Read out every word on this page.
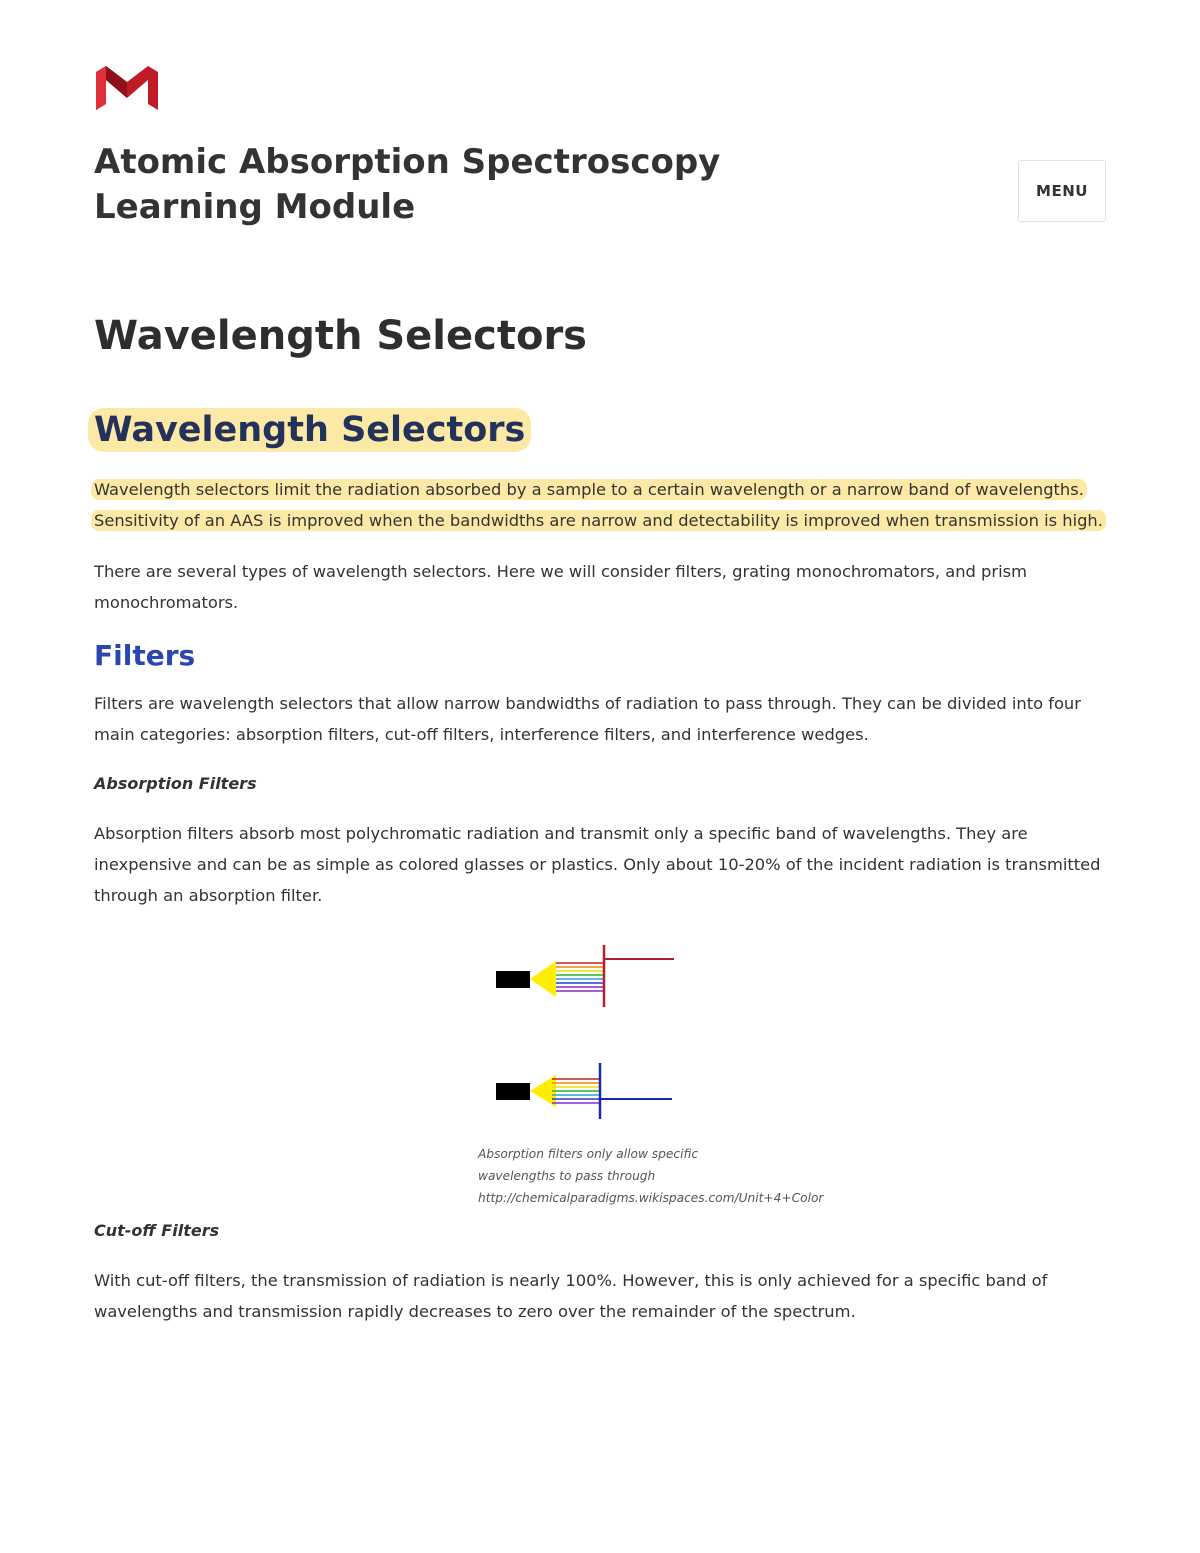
Atomic Absorption Spectroscopy Learning Module	MENU
Wavelength Selectors
Wavelength Selectors

Wavelength selectors limit the radiation absorbed by a sample to a certain wavelength or a narrow band of wavelengths. Sensitivity of an AAS is improved when the bandwidths are narrow and detectability is improved when transmission is high.

There are several types of wavelength selectors. Here we will consider filters, grating monochromators, and prism monochromators.

Filters

Filters are wavelength selectors that allow narrow bandwidths of radiation to pass through. They can be divided into four main categories: absorption filters, cut-off filters, interference filters, and interference wedges.

Absorption Filters

Absorption filters absorb most polychromatic radiation and transmit only a specific band of wavelengths. They are inexpensive and can be as simple as colored glasses or plastics. Only about 10-20% of the incident radiation is transmitted through an absorption filter.

Absorption filters only allow specific
wavelengths to pass through
http://chemicalparadigms.wikispaces.com/Unit+4+Color
Cut-off Filters

With cut-off filters, the transmission of radiation is nearly 100%. However, this is only achieved for a specific band of wavelengths and transmission rapidly decreases to zero over the remainder of the spectrum.
